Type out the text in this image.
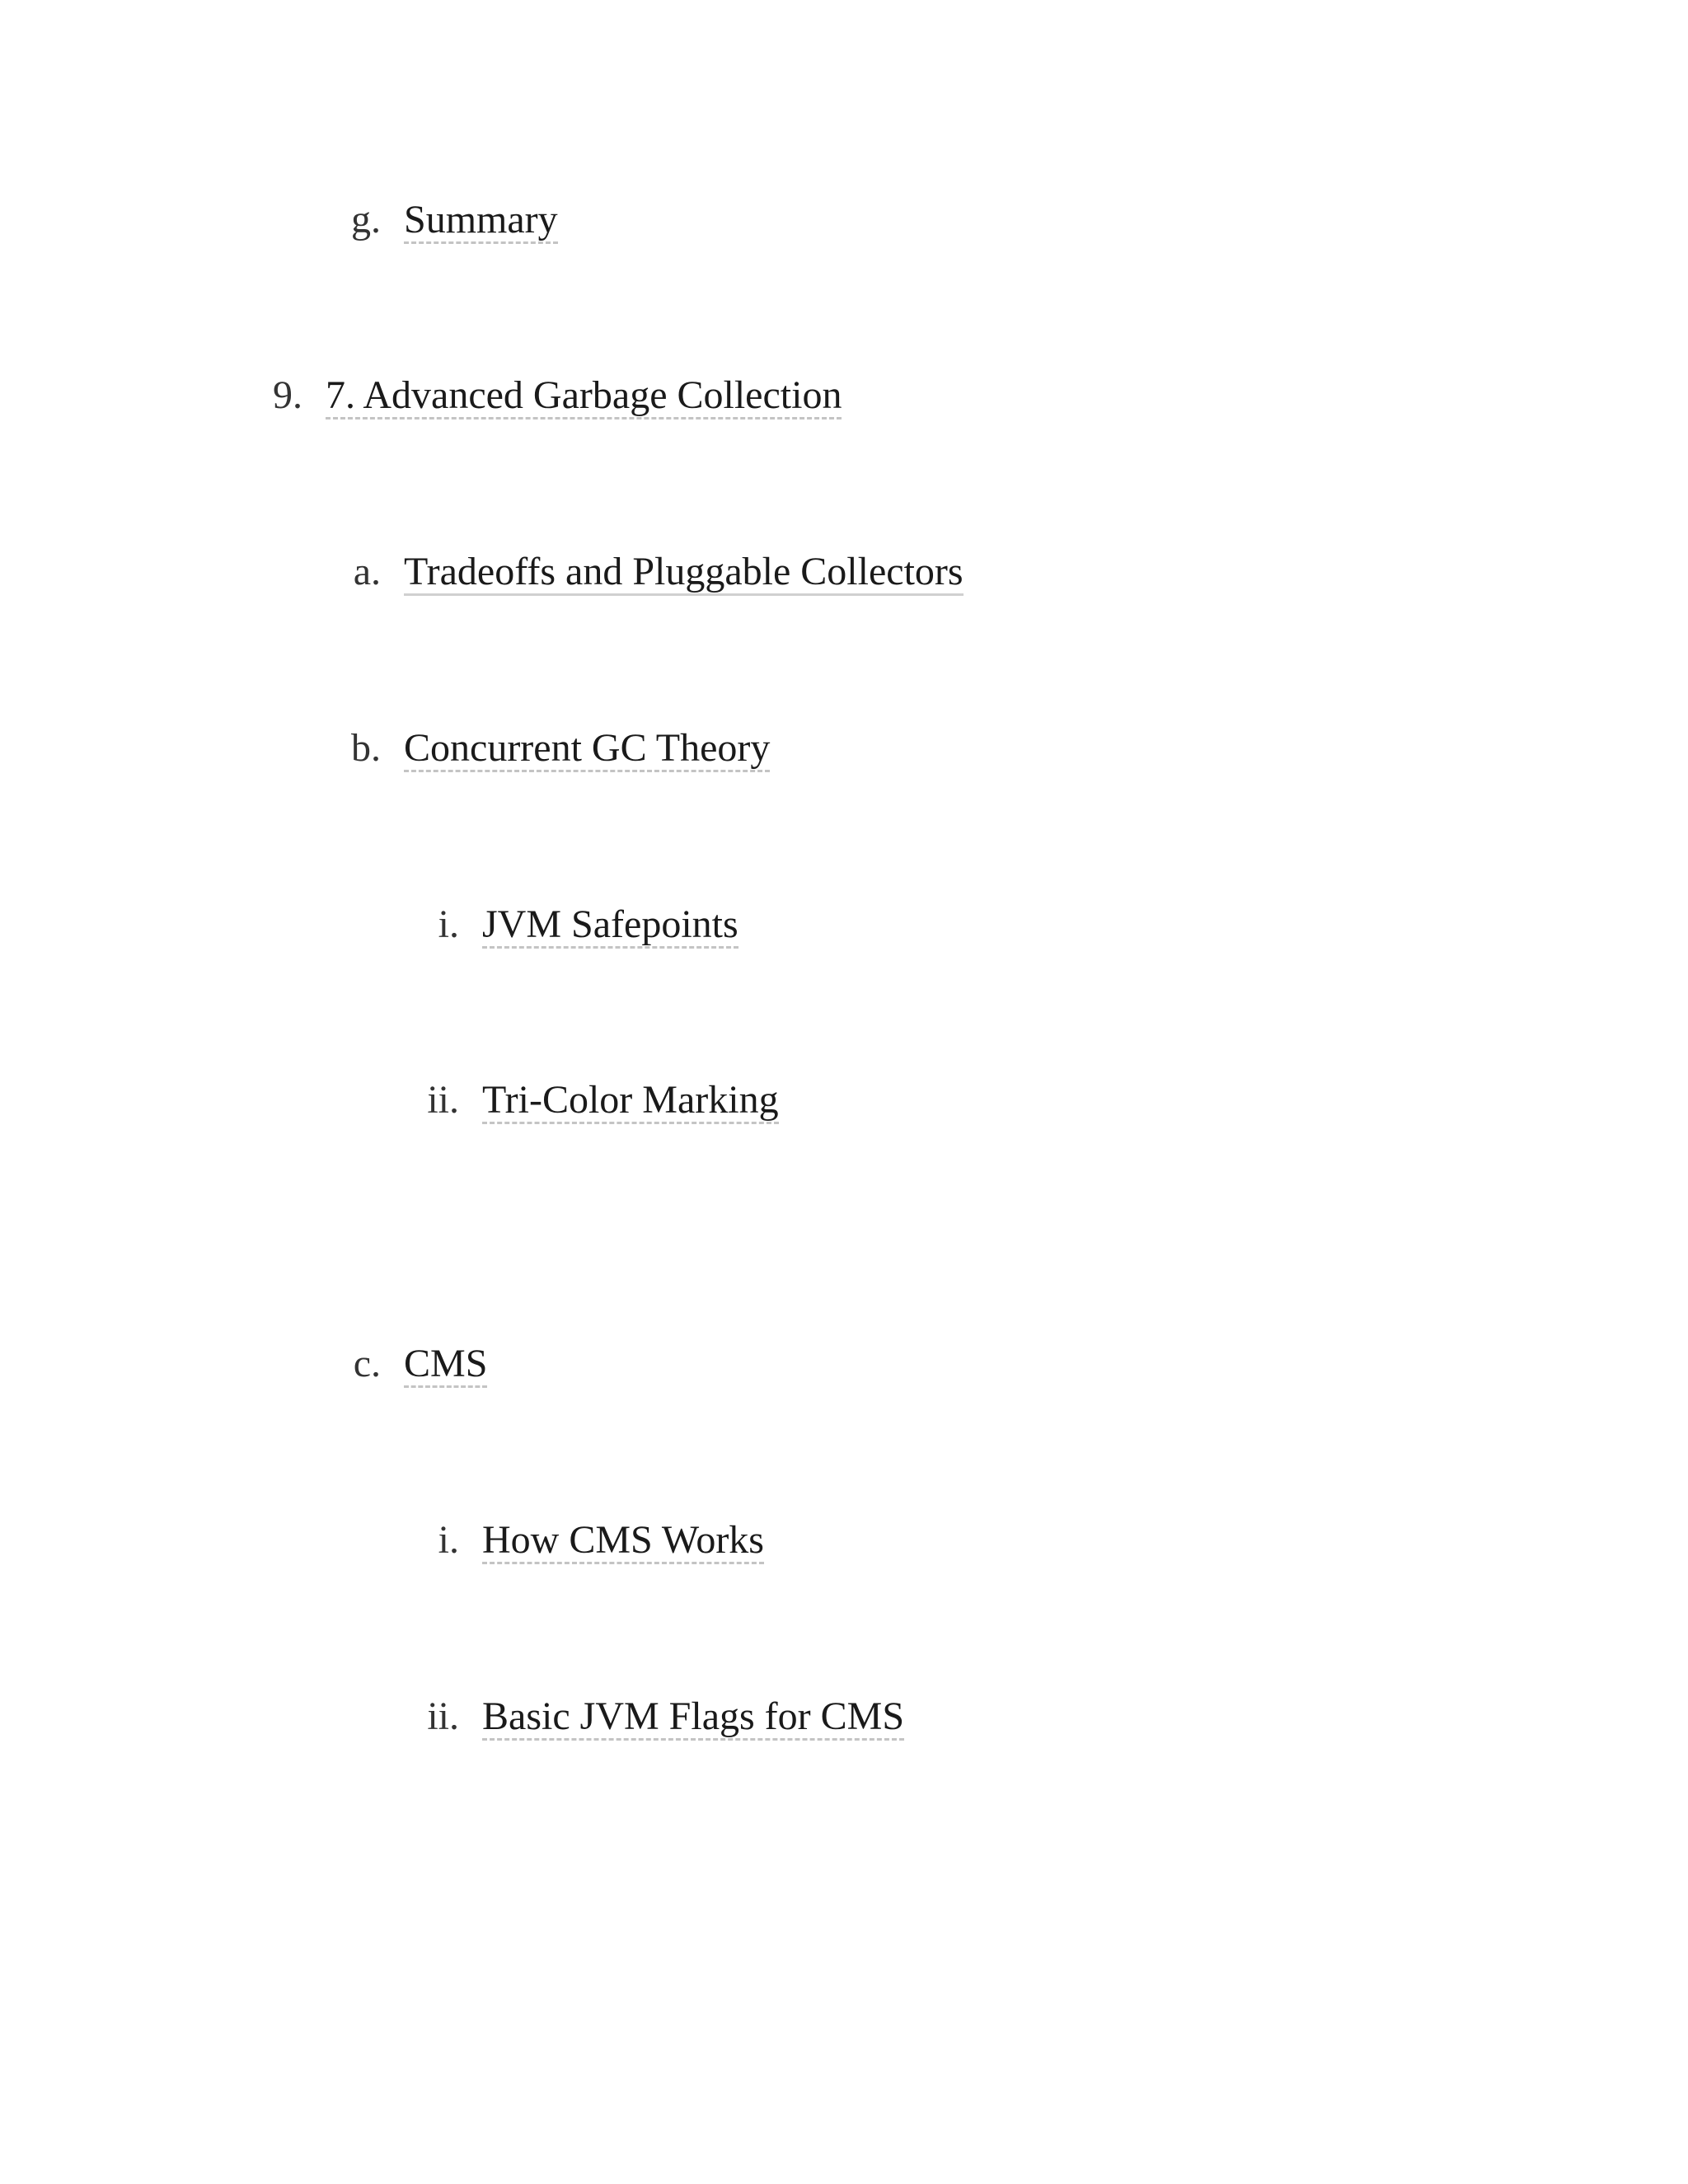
g. Summary
9. 7. Advanced Garbage Collection
a. Tradeoffs and Pluggable Collectors
b. Concurrent GC Theory
i. JVM Safepoints
ii. Tri-Color Marking
c. CMS
i. How CMS Works
ii. Basic JVM Flags for CMS
